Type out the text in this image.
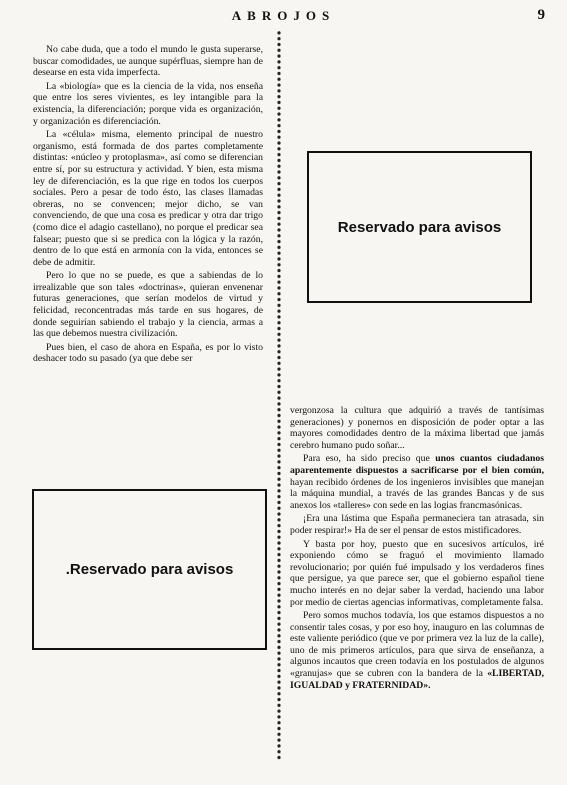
ABROJOS	9

No cabe duda, que a todo el mundo le gusta superarse, buscar comodidades, ue aunque supérfluas, siempre han de desearse en esta vida imperfecta.

La «biología» que es la ciencia de la vida, nos enseña que entre los seres vivientes, es ley intangible para la existencia, la diferenciación; porque vida es organización, y organización es diferenciación.

La «célula» misma, elemento principal de nuestro organismo, está formada de dos partes completamente distintas: «núcleo y protoplasma», así como se diferencian entre sí, por su estructura y actividad. Y bien, esta misma ley de diferenciación, es la que rige en todos los cuerpos sociales. Pero a pesar de todo ésto, las clases llamadas obreras, no se convencen; mejor dicho, se van convenciendo, de que una cosa es predicar y otra dar trigo (como dice el adagio castellano), no porque el predicar sea falsear; puesto que si se predica con la lógica y la razón, dentro de lo que está en armonía con la vida, entonces se debe de admitir.

Pero lo que no se puede, es que a sabiendas de lo irrealizable que son tales «doctrinas», quieran envenenar futuras generaciones, que serían modelos de virtud y felicidad, reconcentradas más tarde en sus hogares, de donde seguirían sabiendo el trabajo y la ciencia, armas a las que debemos nuestra civilización.

Pues bien, el caso de ahora en España, es por lo visto deshacer todo su pasado (ya que debe ser

Reservado para avisos
.Reservado para avisos

vergonzosa la cultura que adquirió a través de tantísimas generaciones) y ponernos en disposición de poder optar a las mayores comodidades dentro de la máxima libertad que jamás cerebro humano pudo soñar...

Para eso, ha sido preciso que unos cuantos ciudadanos aparentemente dispuestos a sacrificarse por el bien común, hayan recibido órdenes de los ingenieros invisibles que manejan la máquina mundial, a través de las grandes Bancas y de sus anexos los «talleres» con sede en las logias francmasónicas.

¡Era una lástima que España permaneciera tan atrasada, sin poder respirar!» Ha de ser el pensar de estos mistificadores.

Y basta por hoy, puesto que en sucesivos artículos, iré exponiendo cómo se fraguó el movimiento llamado revolucionario; por quién fué impulsado y los verdaderos fines que persigue, ya que parece ser, que el gobierno español tiene mucho interés en no dejar saber la verdad, haciendo una labor por medio de ciertas agencias informativas, completamente falsa.

Pero somos muchos todavía, los que estamos dispuestos a no consentir tales cosas, y por eso hoy, inauguro en las columnas de este valiente periódico (que ve por primera vez la luz de la calle), uno de mis primeros artículos, para que sirva de enseñanza, a algunos incautos que creen todavía en los postulados de algunos «granujas» que se cubren con la bandera de la «LIBERTAD, IGUALDAD y FRATERNIDAD».
